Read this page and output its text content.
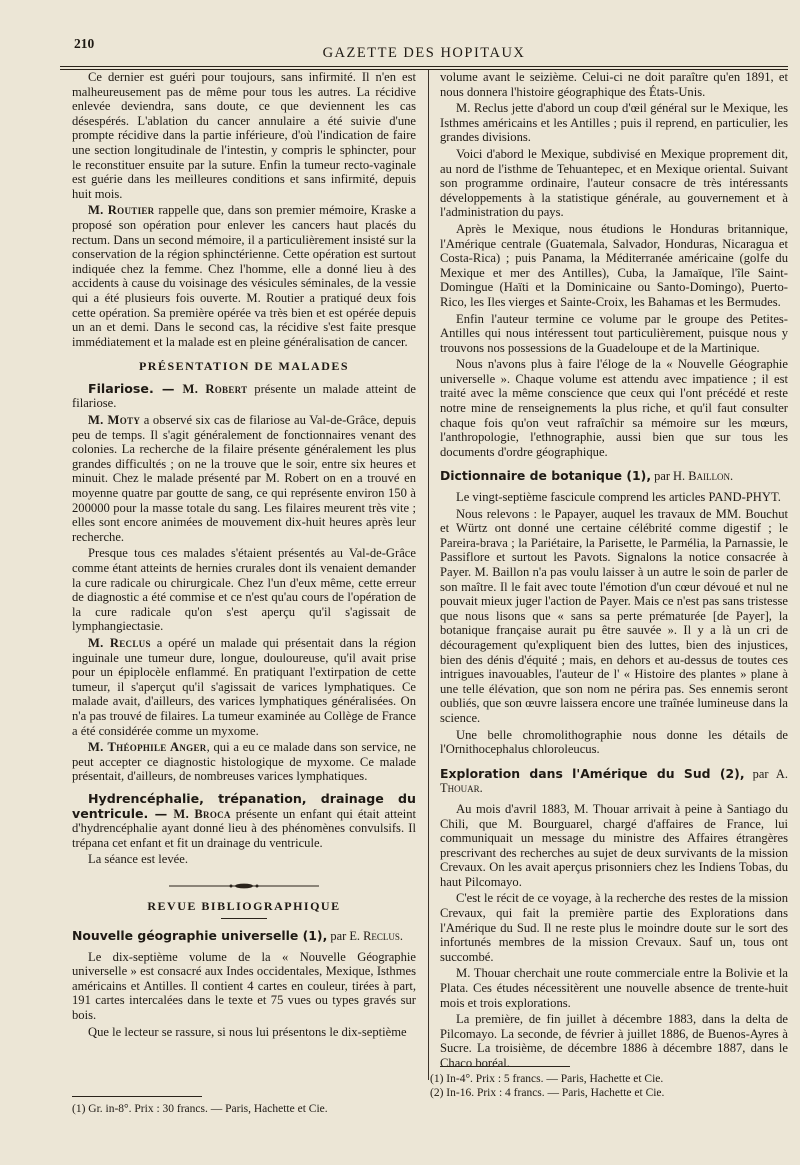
210
GAZETTE DES HOPITAUX

Ce dernier est guéri pour toujours, sans infirmité. Il n'en est malheureusement pas de même pour tous les autres. La récidive enlevée deviendra, sans doute, ce que deviennent les cas désespérés. L'ablation du cancer annulaire a été suivie d'une prompte récidive dans la partie inférieure, d'où l'indication de faire une section longitudinale de l'intestin, y compris le sphincter, pour le reconstituer ensuite par la suture. Enfin la tumeur recto-vaginale est guérie dans les meilleures conditions et sans infirmité, depuis huit mois.

M. Routier rappelle que, dans son premier mémoire, Kraske a proposé son opération pour enlever les cancers haut placés du rectum. Dans un second mémoire, il a particulièrement insisté sur la conservation de la région sphinctérienne. Cette opération est surtout indiquée chez la femme. Chez l'homme, elle a donné lieu à des accidents à cause du voisinage des vésicules séminales, de la vessie qui a été plusieurs fois ouverte. M. Routier a pratiqué deux fois cette opération. Sa première opérée va très bien et est opérée depuis un an et demi. Dans le second cas, la récidive s'est faite presque immédiatement et la malade est en pleine généralisation de cancer.

PRÉSENTATION DE MALADES

Filariose. — M. Robert présente un malade atteint de filariose.

M. Moty a observé six cas de filariose au Val-de-Grâce, depuis peu de temps. Il s'agit généralement de fonctionnaires venant des colonies. La recherche de la filaire présente généralement les plus grandes difficultés ; on ne la trouve que le soir, entre six heures et minuit. Chez le malade présenté par M. Robert on en a trouvé en moyenne quatre par goutte de sang, ce qui représente environ 150 à 200000 pour la masse totale du sang. Les filaires meurent très vite ; elles sont encore animées de mouvement dix-huit heures après leur recherche.

Presque tous ces malades s'étaient présentés au Val-de-Grâce comme étant atteints de hernies crurales dont ils venaient demander la cure radicale ou chirurgicale. Chez l'un d'eux même, cette erreur de diagnostic a été commise et ce n'est qu'au cours de l'opération de la cure radicale qu'on s'est aperçu qu'il s'agissait de lymphangiectasie.

M. Reclus a opéré un malade qui présentait dans la région inguinale une tumeur dure, longue, douloureuse, qu'il avait prise pour un épiplocèle enflammé. En pratiquant l'extirpation de cette tumeur, il s'aperçut qu'il s'agissait de varices lymphatiques. Ce malade avait, d'ailleurs, des varices lymphatiques généralisées. On n'a pas trouvé de filaires. La tumeur examinée au Collège de France a été considérée comme un myxome.

M. Théophile Anger, qui a eu ce malade dans son service, ne peut accepter ce diagnostic histologique de myxome. Ce malade présentait, d'ailleurs, de nombreuses varices lymphatiques.

Hydrencéphalie, trépanation, drainage du ventricule. — M. Broca présente un enfant qui était atteint d'hydrencéphalie ayant donné lieu à des phénomènes convulsifs. Il trépana cet enfant et fit un drainage du ventricule.

La séance est levée.

REVUE BIBLIOGRAPHIQUE

Nouvelle géographie universelle (1), par E. Reclus.

Le dix-septième volume de la « Nouvelle Géographie universelle » est consacré aux Indes occidentales, Mexique, Isthmes américains et Antilles. Il contient 4 cartes en couleur, tirées à part, 191 cartes intercalées dans le texte et 75 vues ou types gravés sur bois.

Que le lecteur se rassure, si nous lui présentons le dix-septième

(1) Gr. in-8°. Prix : 30 francs. — Paris, Hachette et Cie.

volume avant le seizième. Celui-ci ne doit paraître qu'en 1891, et nous donnera l'histoire géographique des États-Unis.

M. Reclus jette d'abord un coup d'œil général sur le Mexique, les Isthmes américains et les Antilles ; puis il reprend, en particulier, les grandes divisions.

Voici d'abord le Mexique, subdivisé en Mexique proprement dit, au nord de l'isthme de Tehuantepec, et en Mexique oriental. Suivant son programme ordinaire, l'auteur consacre de très intéressants développements à la statistique générale, au gouvernement et à l'administration du pays.

Après le Mexique, nous étudions le Honduras britannique, l'Amérique centrale (Guatemala, Salvador, Honduras, Nicaragua et Costa-Rica) ; puis Panama, la Méditerranée américaine (golfe du Mexique et mer des Antilles), Cuba, la Jamaïque, l'île Saint-Domingue (Haïti et la Dominicaine ou Santo-Domingo), Puerto-Rico, les Iles vierges et Sainte-Croix, les Bahamas et les Bermudes.

Enfin l'auteur termine ce volume par le groupe des Petites-Antilles qui nous intéressent tout particulièrement, puisque nous y trouvons nos possessions de la Guadeloupe et de la Martinique.

Nous n'avons plus à faire l'éloge de la « Nouvelle Géographie universelle ». Chaque volume est attendu avec impatience ; il est traité avec la même conscience que ceux qui l'ont précédé et reste notre mine de renseignements la plus riche, et qu'il faut consulter chaque fois qu'on veut rafraîchir sa mémoire sur les mœurs, l'anthropologie, l'ethnographie, aussi bien que sur tous les documents d'ordre géographique.

Dictionnaire de botanique (1), par H. Baillon.

Le vingt-septième fascicule comprend les articles PAND-PHYT.

Nous relevons : le Papayer, auquel les travaux de MM. Bouchut et Würtz ont donné une certaine célébrité comme digestif ; le Pareira-brava ; la Pariétaire, la Parisette, le Parmélia, la Parnassie, le Passiflore et surtout les Pavots. Signalons la notice consacrée à Payer. M. Baillon n'a pas voulu laisser à un autre le soin de parler de son maître. Il le fait avec toute l'émotion d'un cœur dévoué et nul ne pouvait mieux juger l'action de Payer. Mais ce n'est pas sans tristesse que nous lisons que « sans sa perte prématurée [de Payer], la botanique française aurait pu être sauvée ». Il y a là un cri de découragement qu'expliquent bien des luttes, bien des injustices, bien des dénis d'équité ; mais, en dehors et au-dessus de toutes ces intrigues inavouables, l'auteur de l' « Histoire des plantes » plane à une telle élévation, que son nom ne périra pas. Ses ennemis seront oubliés, que son œuvre laissera encore une traînée lumineuse dans la science.

Une belle chromolithographie nous donne les détails de l'Ornithocephalus chloroleucus.

Exploration dans l'Amérique du Sud (2), par A. Thouar.

Au mois d'avril 1883, M. Thouar arrivait à peine à Santiago du Chili, que M. Bourguarel, chargé d'affaires de France, lui communiquait un message du ministre des Affaires étrangères prescrivant des recherches au sujet de deux survivants de la mission Crevaux. On les avait aperçus prisonniers chez les Indiens Tobas, du haut Pilcomayo.

C'est le récit de ce voyage, à la recherche des restes de la mission Crevaux, qui fait la première partie des Explorations dans l'Amérique du Sud. Il ne reste plus le moindre doute sur le sort des infortunés membres de la mission Crevaux. Sauf un, tous ont succombé.

M. Thouar cherchait une route commerciale entre la Bolivie et la Plata. Ces études nécessitèrent une nouvelle absence de trente-huit mois et trois explorations.

La première, de fin juillet à décembre 1883, dans la delta de Pilcomayo. La seconde, de février à juillet 1886, de Buenos-Ayres à Sucre. La troisième, de décembre 1886 à décembre 1887, dans le Chaco boréal.

(1) In-4°. Prix : 5 francs. — Paris, Hachette et Cie.
(2) In-16. Prix : 4 francs. — Paris, Hachette et Cie.
